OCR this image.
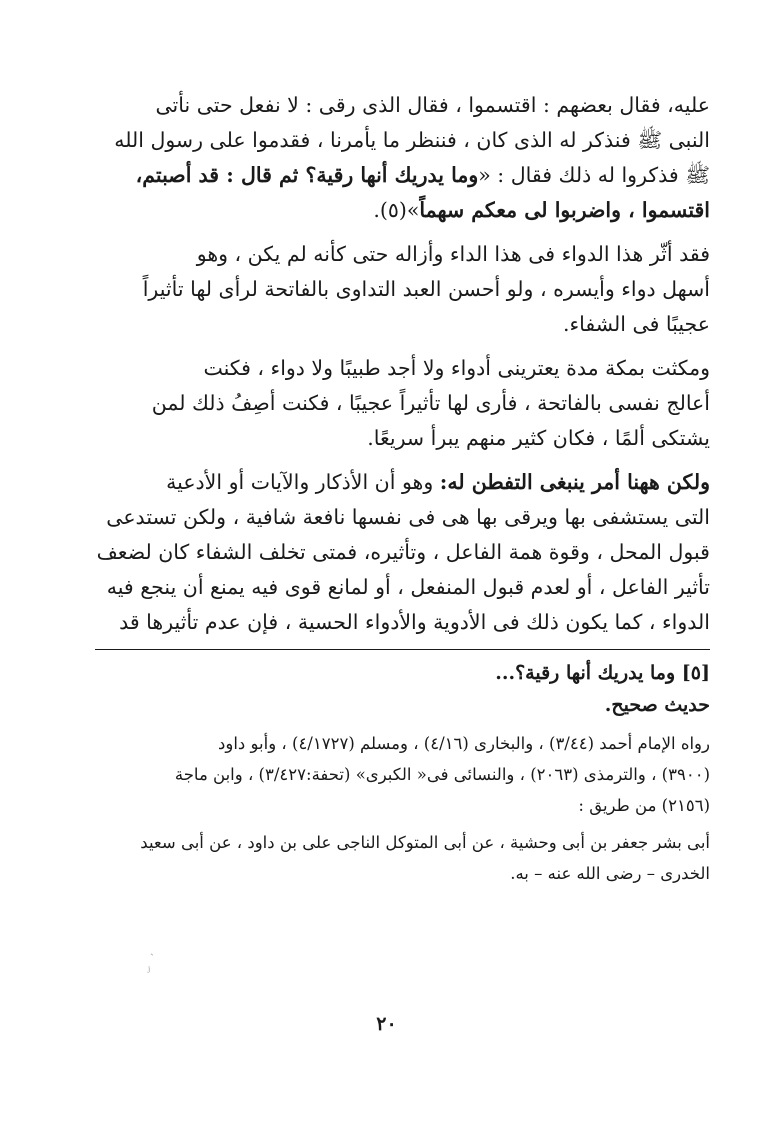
عليه، فقال بعضهم : اقتسموا ، فقال الذى رقى : لا نفعل حتى نأتى

النبى ﷺ فنذكر له الذى كان ، فننظر ما يأمرنا ، فقدموا على رسول الله

ﷺ فذكروا له ذلك فقال : «وما يدريك أنها رقية؟ ثم قال : قد أصبتم،

اقتسموا ، واضربوا لى معكم سهماً»(٥).

فقد أثّر هذا الدواء فى هذا الداء وأزاله حتى كأنه لم يكن ، وهو

أسهل دواء وأيسره ، ولو أحسن العبد التداوى بالفاتحة لرأى لها تأثيراً

عجيبًا فى الشفاء.

ومكثت بمكة مدة يعترينى أدواء ولا أجد طبيبًا ولا دواء ، فكنت

أعالج نفسى بالفاتحة ، فأرى لها تأثيراً عجيبًا ، فكنت أصِفُ ذلك لمن

يشتكى ألمًا ، فكان كثير منهم يبرأ سريعًا.

ولكن ههنا أمر ينبغى التفطن له: وهو أن الأذكار والآيات أو الأدعية

التى يستشفى بها ويرقى بها هى فى نفسها نافعة شافية ، ولكن تستدعى

قبول المحل ، وقوة همة الفاعل ، وتأثيره، فمتى تخلف الشفاء كان لضعف

تأثير الفاعل ، أو لعدم قبول المنفعل ، أو لمانع قوى فيه يمنع أن ينجع فيه

الدواء ، كما يكون ذلك فى الأدوية والأدواء الحسية ، فإن عدم تأثيرها قد

[٥] وما يدريك أنها رقية؟...
حديث صحيح.
رواه الإمام أحمد (٣/٤٤) ، والبخارى (٤/١٦) ، ومسلم (٤/١٧٢٧) ، وأبو داود
(٣٩٠٠) ، والترمذى (٢٠٦٣) ، والنسائى فى« الكبرى» (تحفة:٣/٤٢٧) ، وابن ماجة
(٢١٥٦) من طريق :
أبى بشر جعفر بن أبى وحشية ، عن أبى المتوكل الناجى على بن داود ، عن أبى سعيد
الخدرى – رضى الله عنه – به.
٢٠
ˏ
ʲ
